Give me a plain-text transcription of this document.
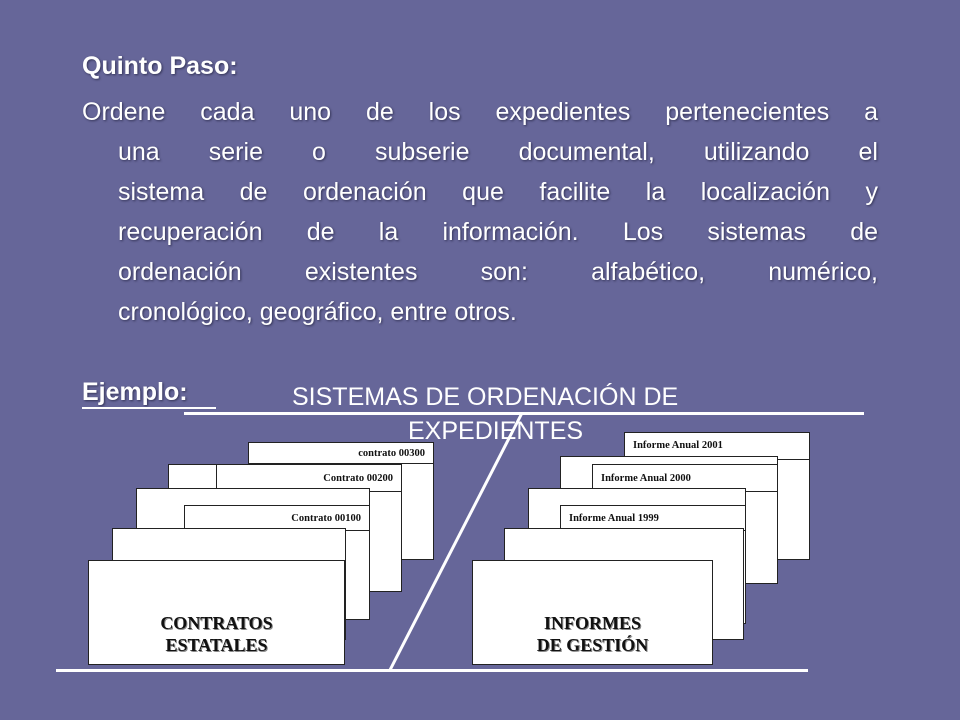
Quinto Paso:
Ordene cada uno de los expedientes pertenecientes a
una serie o subserie documental, utilizando el
sistema de ordenación que facilite la localización y
recuperación de la información. Los sistemas de
ordenación existentes son: alfabético, numérico,
cronológico, geográfico, entre otros.
Ejemplo:
contrato 00300
Contrato 00200
Contrato 00100
CONTRATOS
ESTATALES
Informe Anual 2001
Informe Anual 2000
Informe Anual 1999
INFORMES
DE GESTIÓN
SISTEMAS DE ORDENACIÓN DE
EXPEDIENTES
